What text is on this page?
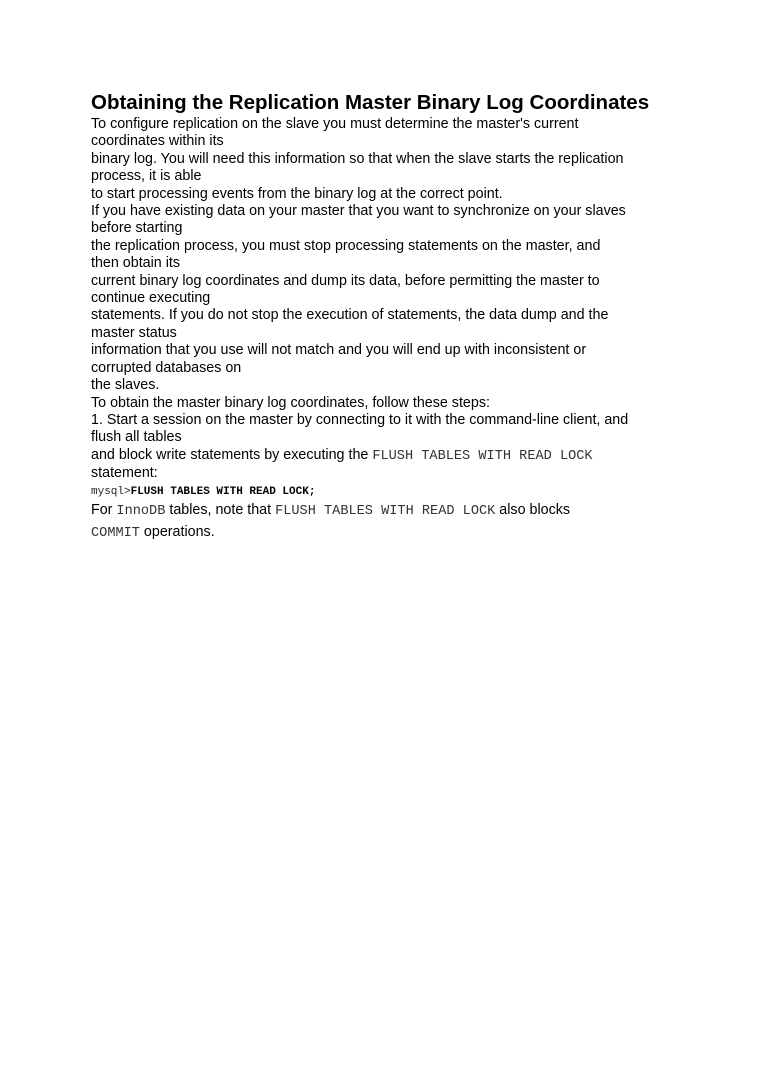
Obtaining the Replication Master Binary Log Coordinates
To configure replication on the slave you must determine the master's current
coordinates within its
binary log. You will need this information so that when the slave starts the replication
process, it is able
to start processing events from the binary log at the correct point.
If you have existing data on your master that you want to synchronize on your slaves
before starting
the replication process, you must stop processing statements on the master, and
then obtain its
current binary log coordinates and dump its data, before permitting the master to
continue executing
statements. If you do not stop the execution of statements, the data dump and the
master status
information that you use will not match and you will end up with inconsistent or
corrupted databases on
the slaves.
To obtain the master binary log coordinates, follow these steps:
1. Start a session on the master by connecting to it with the command-line client, and
flush all tables
and block write statements by executing the FLUSH TABLES WITH READ LOCK
statement:
mysql>FLUSH TABLES WITH READ LOCK;
For InnoDB tables, note that FLUSH TABLES WITH READ LOCK also blocks
COMMIT operations.
